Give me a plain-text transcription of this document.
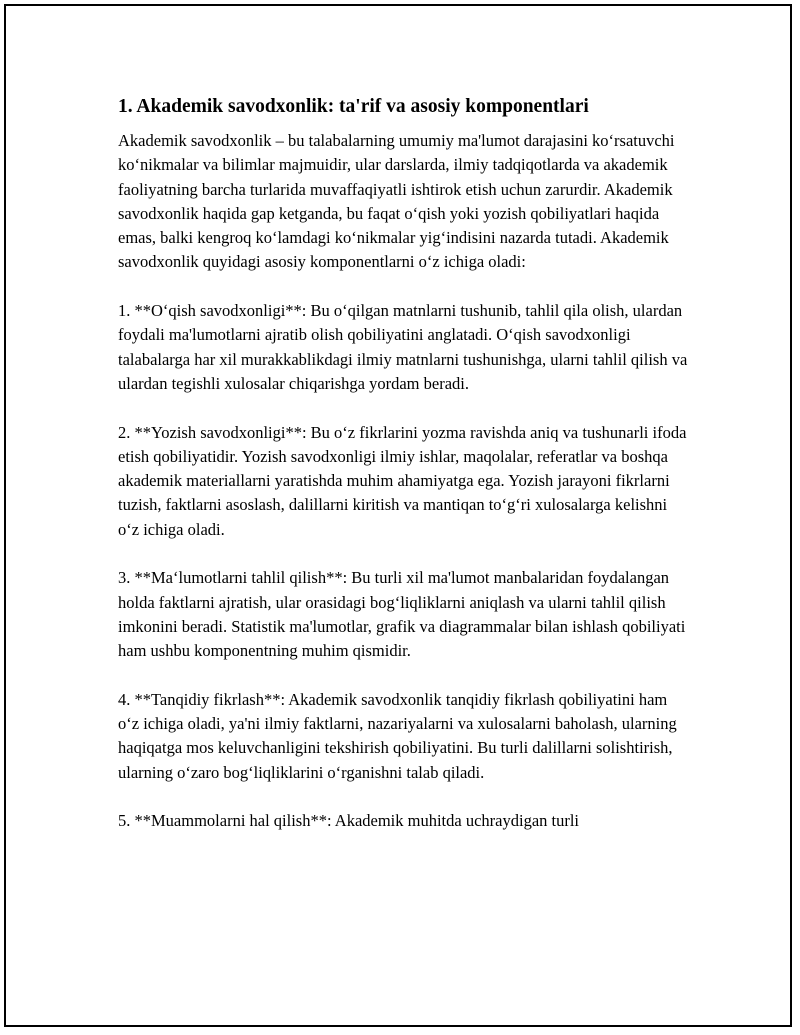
1. Akademik savodxonlik: ta'rif va asosiy komponentlari

Akademik savodxonlik – bu talabalarning umumiy ma'lumot darajasini ko‘rsatuvchi ko‘nikmalar va bilimlar majmuidir, ular darslarda, ilmiy tadqiqotlarda va akademik faoliyatning barcha turlarida muvaffaqiyatli ishtirok etish uchun zarurdir. Akademik savodxonlik haqida gap ketganda, bu faqat o‘qish yoki yozish qobiliyatlari haqida emas, balki kengroq ko‘lamdagi ko‘nikmalar yig‘indisini nazarda tutadi. Akademik savodxonlik quyidagi asosiy komponentlarni o‘z ichiga oladi:

1. **O‘qish savodxonligi**: Bu o‘qilgan matnlarni tushunib, tahlil qila olish, ulardan foydali ma'lumotlarni ajratib olish qobiliyatini anglatadi. O‘qish savodxonligi talabalarga har xil murakkablikdagi ilmiy matnlarni tushunishga, ularni tahlil qilish va ulardan tegishli xulosalar chiqarishga yordam beradi.

2. **Yozish savodxonligi**: Bu o‘z fikrlarini yozma ravishda aniq va tushunarli ifoda etish qobiliyatidir. Yozish savodxonligi ilmiy ishlar, maqolalar, referatlar va boshqa akademik materiallarni yaratishda muhim ahamiyatga ega. Yozish jarayoni fikrlarni tuzish, faktlarni asoslash, dalillarni kiritish va mantiqan to‘g‘ri xulosalarga kelishni o‘z ichiga oladi.

3. **Ma‘lumotlarni tahlil qilish**: Bu turli xil ma'lumot manbalaridan foydalangan holda faktlarni ajratish, ular orasidagi bog‘liqliklarni aniqlash va ularni tahlil qilish imkonini beradi. Statistik ma'lumotlar, grafik va diagrammalar bilan ishlash qobiliyati ham ushbu komponentning muhim qismidir.

4. **Tanqidiy fikrlash**: Akademik savodxonlik tanqidiy fikrlash qobiliyatini ham o‘z ichiga oladi, ya'ni ilmiy faktlarni, nazariyalarni va xulosalarni baholash, ularning haqiqatga mos keluvchanligini tekshirish qobiliyatini. Bu turli dalillarni solishtirish, ularning o‘zaro bog‘liqliklarini o‘rganishni talab qiladi.

5. **Muammolarni hal qilish**: Akademik muhitda uchraydigan turli
